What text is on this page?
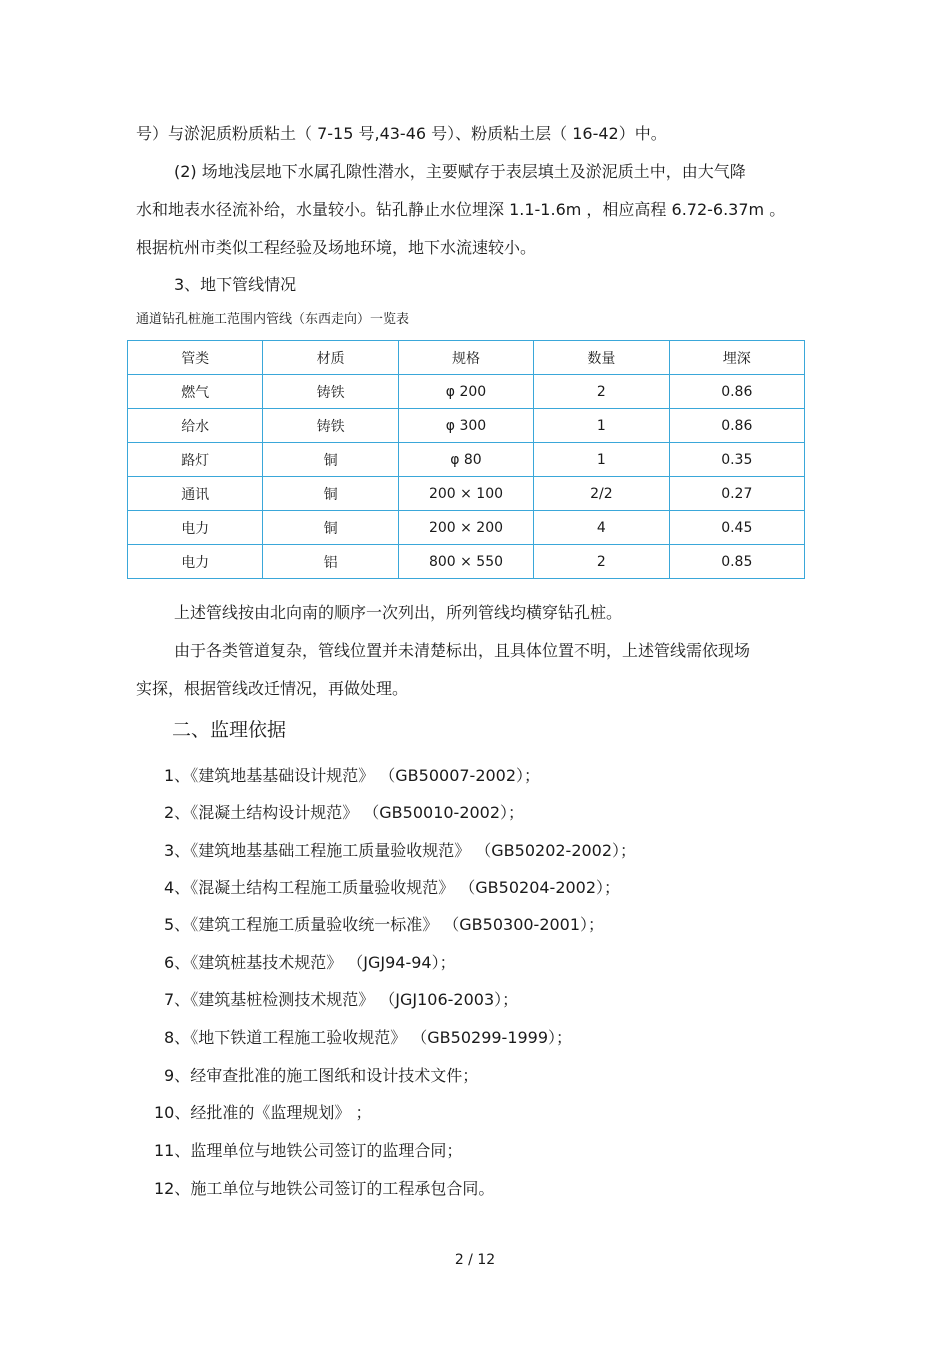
号）与淤泥质粉质粘土（ 7-15 号,43-46 号）、粉质粘土层（ 16-42）中。
(2) 场地浅层地下水属孔隙性潜水，主要赋存于表层填土及淤泥质土中，由大气降
水和地表水径流补给，水量较小。钻孔静止水位埋深 1.1-1.6m ，相应高程 6.72-6.37m 。
根据杭州市类似工程经验及场地环境，地下水流速较小。
3、地下管线情况
通道钻孔桩施工范围内管线（东西走向）一览表
管类	材质	规格	数量	埋深
燃气	铸铁	φ 200	2	0.86
给水	铸铁	φ 300	1	0.86
路灯	铜	φ 80	1	0.35
通讯	铜	200 × 100	2/2	0.27
电力	铜	200 × 200	4	0.45
电力	铝	800 × 550	2	0.85
上述管线按由北向南的顺序一次列出，所列管线均横穿钻孔桩。
由于各类管道复杂，管线位置并未清楚标出，且具体位置不明，上述管线需依现场
实探，根据管线改迁情况，再做处理。
二、监理依据
1、《建筑地基基础设计规范》 （GB50007-2002）；
2、《混凝土结构设计规范》 （GB50010-2002）；
3、《建筑地基基础工程施工质量验收规范》 （GB50202-2002）；
4、《混凝土结构工程施工质量验收规范》 （GB50204-2002）；
5、《建筑工程施工质量验收统一标准》 （GB50300-2001）；
6、《建筑桩基技术规范》 （JGJ94-94）；
7、《建筑基桩检测技术规范》 （JGJ106-2003）；
8、《地下铁道工程施工验收规范》 （GB50299-1999）；
9、经审查批准的施工图纸和设计技术文件；
10、经批准的《监理规划》 ；
11、监理单位与地铁公司签订的监理合同；
12、施工单位与地铁公司签订的工程承包合同。
2 / 12
